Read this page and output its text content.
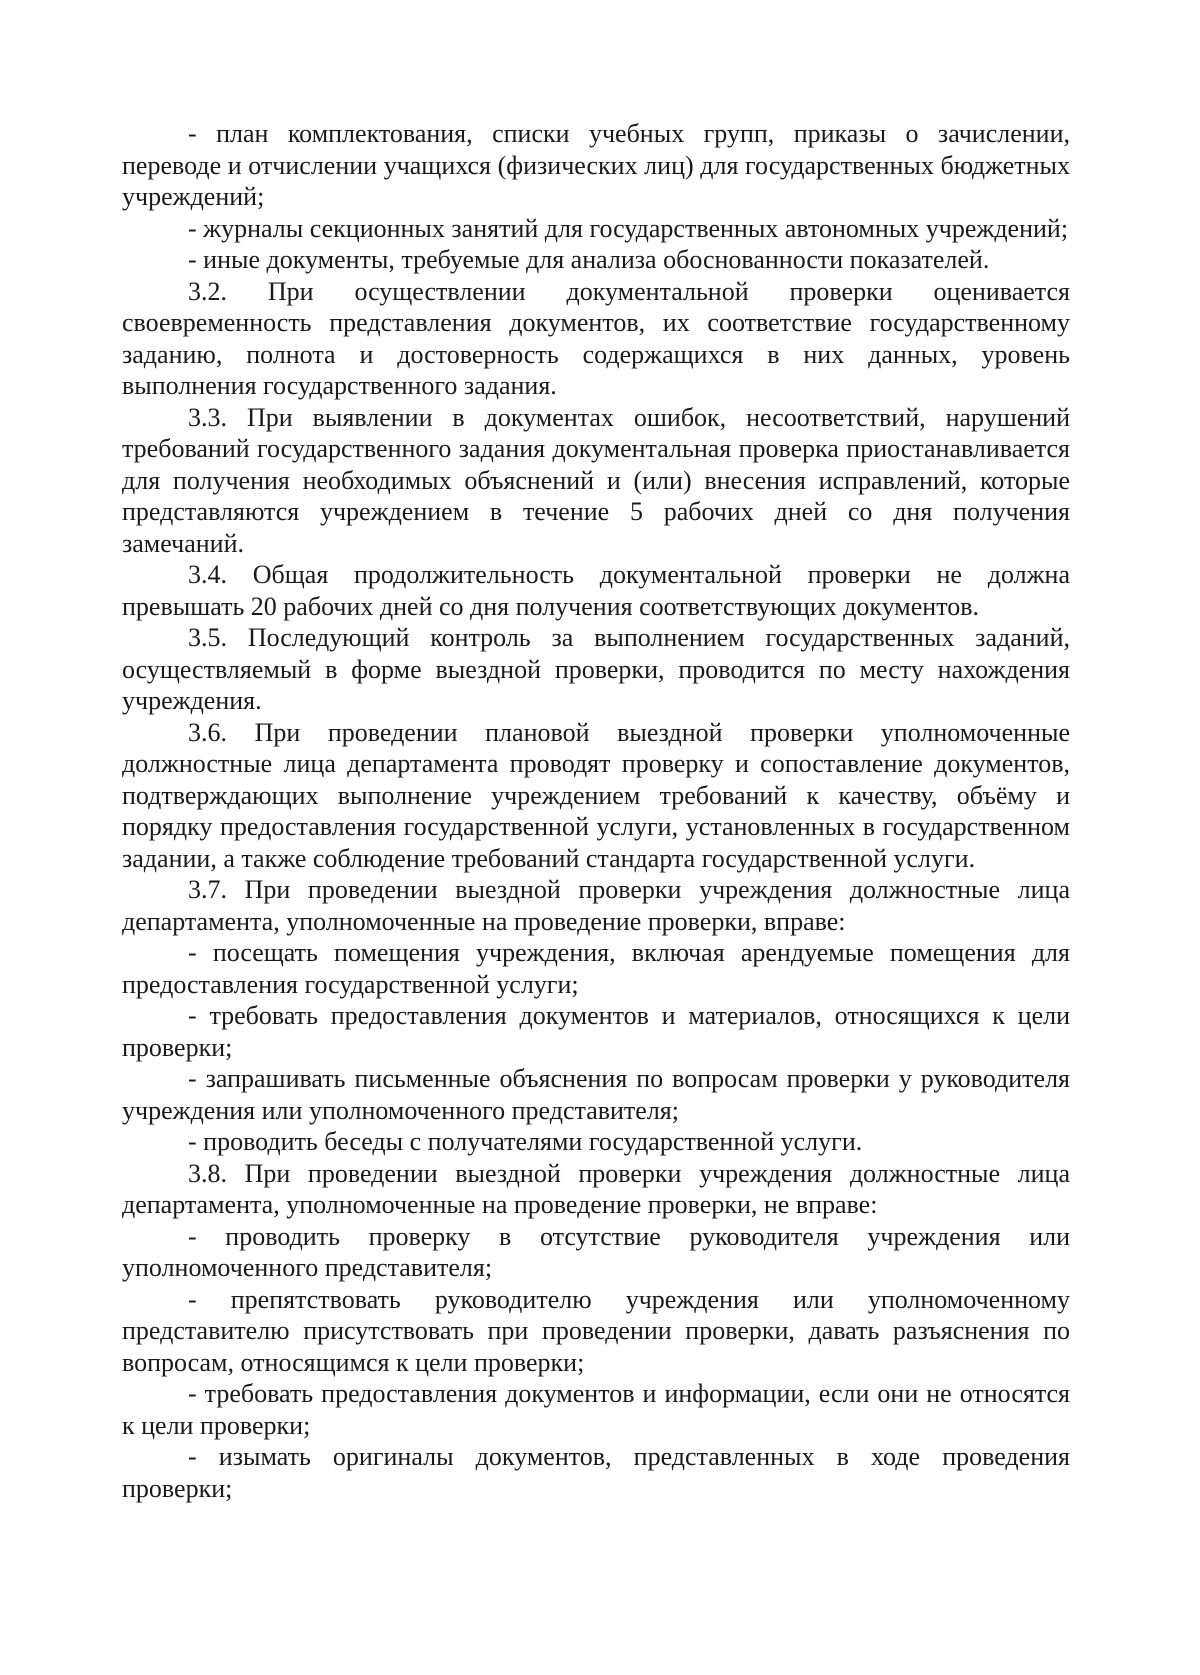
- план комплектования, списки учебных групп, приказы о зачислении, переводе и отчислении учащихся (физических лиц) для государственных бюджетных учреждений;

- журналы секционных занятий для государственных автономных учреждений;

- иные документы, требуемые для анализа обоснованности показателей.

3.2. При осуществлении документальной проверки оценивается своевременность представления документов, их соответствие государственному заданию, полнота и достоверность содержащихся в них данных, уровень выполнения государственного задания.

3.3. При выявлении в документах ошибок, несоответствий, нарушений требований государственного задания документальная проверка приостанавливается для получения необходимых объяснений и (или) внесения исправлений, которые представляются учреждением в течение 5 рабочих дней со дня получения замечаний.

3.4. Общая продолжительность документальной проверки не должна превышать 20 рабочих дней со дня получения соответствующих документов.

3.5. Последующий контроль за выполнением государственных заданий, осуществляемый в форме выездной проверки, проводится по месту нахождения учреждения.

3.6. При проведении плановой выездной проверки уполномоченные должностные лица департамента проводят проверку и сопоставление документов, подтверждающих выполнение учреждением требований к качеству, объёму и порядку предоставления государственной услуги, установленных в государственном задании, а также соблюдение требований стандарта государственной услуги.

3.7. При проведении выездной проверки учреждения должностные лица департамента, уполномоченные на проведение проверки, вправе:

- посещать помещения учреждения, включая арендуемые помещения для предоставления государственной услуги;

- требовать предоставления документов и материалов, относящихся к цели проверки;

- запрашивать письменные объяснения по вопросам проверки у руководителя учреждения или уполномоченного представителя;

- проводить беседы с получателями государственной услуги.

3.8. При проведении выездной проверки учреждения должностные лица департамента, уполномоченные на проведение проверки, не вправе:

- проводить проверку в отсутствие руководителя учреждения или уполномоченного представителя;

- препятствовать руководителю учреждения или уполномоченному представителю присутствовать при проведении проверки, давать разъяснения по вопросам, относящимся к цели проверки;

- требовать предоставления документов и информации, если они не относятся к цели проверки;

- изымать оригиналы документов, представленных в ходе проведения проверки;
